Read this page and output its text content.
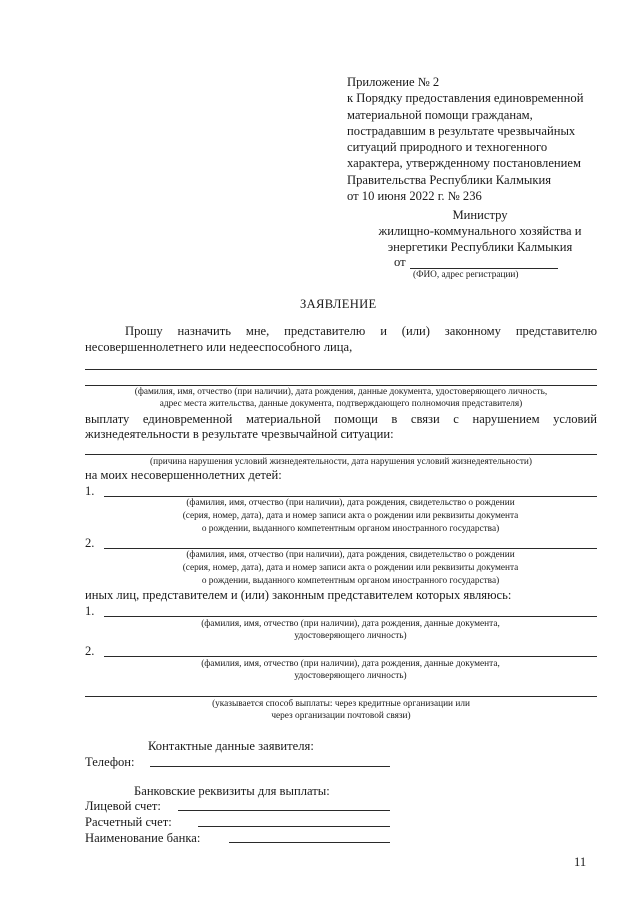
Приложение № 2
к Порядку предоставления единовременной
материальной помощи гражданам,
пострадавшим в результате чрезвычайных
ситуаций природного и техногенного
характера, утвержденному постановлением
Правительства Республики Калмыкия
от 10 июня 2022 г. № 236
Министру
жилищно-коммунального хозяйства и
энергетики Республики Калмыкия
от
(ФИО, адрес регистрации)
ЗАЯВЛЕНИЕ
Прошу назначить мне, представителю и (или) законному представителю
несовершеннолетнего или недееспособного лица,
(фамилия, имя, отчество (при наличии), дата рождения, данные документа, удостоверяющего личность,
адрес места жительства, данные документа, подтверждающего полномочия представителя)
выплату единовременной материальной помощи в связи с нарушением условий
жизнедеятельности в результате чрезвычайной ситуации:
(причина нарушения условий жизнедеятельности, дата нарушения условий жизнедеятельности)
на моих несовершеннолетних детей:
1.
(фамилия, имя, отчество (при наличии), дата рождения, свидетельство о рождении
(серия, номер, дата), дата и номер записи акта о рождении или реквизиты документа
о рождении, выданного компетентным органом иностранного государства)
2.
(фамилия, имя, отчество (при наличии), дата рождения, свидетельство о рождении
(серия, номер, дата), дата и номер записи акта о рождении или реквизиты документа
о рождении, выданного компетентным органом иностранного государства)
иных лиц, представителем и (или) законным представителем которых являюсь:
1.
(фамилия, имя, отчество (при наличии), дата рождения, данные документа,
удостоверяющего личность)
2.
(фамилия, имя, отчество (при наличии), дата рождения, данные документа,
удостоверяющего личность)
(указывается способ выплаты: через кредитные организации или
через организации почтовой связи)
Контактные данные заявителя:
Телефон:
Банковские реквизиты для выплаты:
Лицевой счет:
Расчетный счет:
Наименование банка:
11
